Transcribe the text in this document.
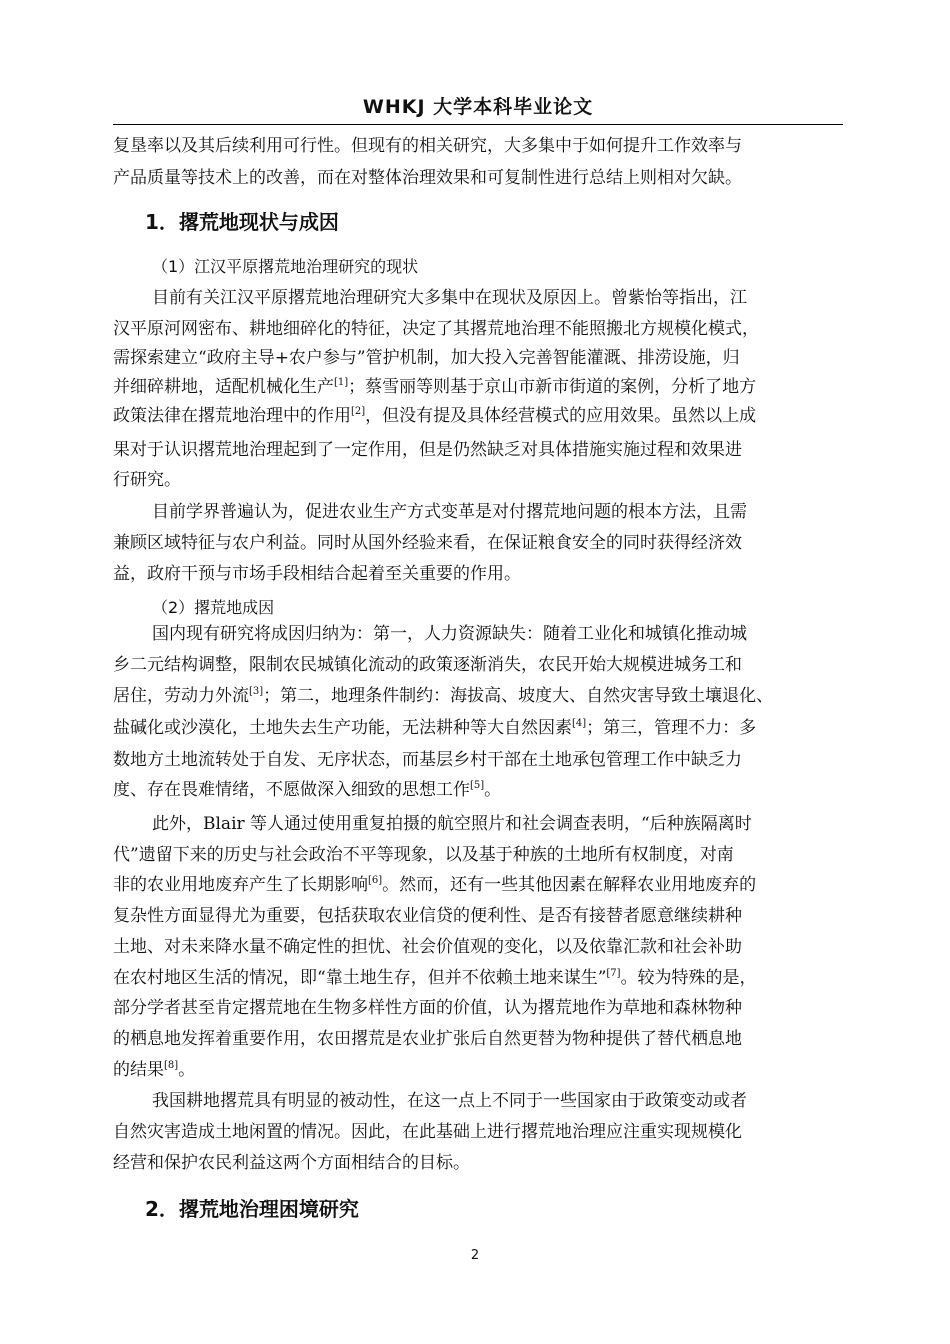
WHKJ 大学本科毕业论文
复垦率以及其后续利用可行性。但现有的相关研究，大多集中于如何提升工作效率与
产品质量等技术上的改善，而在对整体治理效果和可复制性进行总结上则相对欠缺。
1．撂荒地现状与成因
（1）江汉平原撂荒地治理研究的现状
目前有关江汉平原撂荒地治理研究大多集中在现状及原因上。曾紫怡等指出，江
汉平原河网密布、耕地细碎化的特征，决定了其撂荒地治理不能照搬北方规模化模式，
需探索建立“政府主导+农户参与”管护机制，加大投入完善智能灌溉、排涝设施，归
并细碎耕地，适配机械化生产[1]；蔡雪丽等则基于京山市新市街道的案例，分析了地方
政策法律在撂荒地治理中的作用[2]，但没有提及具体经营模式的应用效果。虽然以上成
果对于认识撂荒地治理起到了一定作用，但是仍然缺乏对具体措施实施过程和效果进
行研究。
目前学界普遍认为，促进农业生产方式变革是对付撂荒地问题的根本方法，且需
兼顾区域特征与农户利益。同时从国外经验来看，在保证粮食安全的同时获得经济效
益，政府干预与市场手段相结合起着至关重要的作用。
（2）撂荒地成因
国内现有研究将成因归纳为：第一，人力资源缺失：随着工业化和城镇化推动城
乡二元结构调整，限制农民城镇化流动的政策逐渐消失，农民开始大规模进城务工和
居住，劳动力外流[3]；第二，地理条件制约：海拔高、坡度大、自然灾害导致土壤退化、
盐碱化或沙漠化，土地失去生产功能，无法耕种等大自然因素[4]；第三，管理不力：多
数地方土地流转处于自发、无序状态，而基层乡村干部在土地承包管理工作中缺乏力
度、存在畏难情绪，不愿做深入细致的思想工作[5]。
此外，Blair 等人通过使用重复拍摄的航空照片和社会调查表明，“后种族隔离时
代”遗留下来的历史与社会政治不平等现象，以及基于种族的土地所有权制度，对南
非的农业用地废弃产生了长期影响[6]。然而，还有一些其他因素在解释农业用地废弃的
复杂性方面显得尤为重要，包括获取农业信贷的便利性、是否有接替者愿意继续耕种
土地、对未来降水量不确定性的担忧、社会价值观的变化，以及依靠汇款和社会补助
在农村地区生活的情况，即“靠土地生存，但并不依赖土地来谋生”[7]。较为特殊的是，
部分学者甚至肯定撂荒地在生物多样性方面的价值，认为撂荒地作为草地和森林物种
的栖息地发挥着重要作用，农田撂荒是农业扩张后自然更替为物种提供了替代栖息地
的结果[8]。
我国耕地撂荒具有明显的被动性，在这一点上不同于一些国家由于政策变动或者
自然灾害造成土地闲置的情况。因此，在此基础上进行撂荒地治理应注重实现规模化
经营和保护农民利益这两个方面相结合的目标。
2．撂荒地治理困境研究
2
